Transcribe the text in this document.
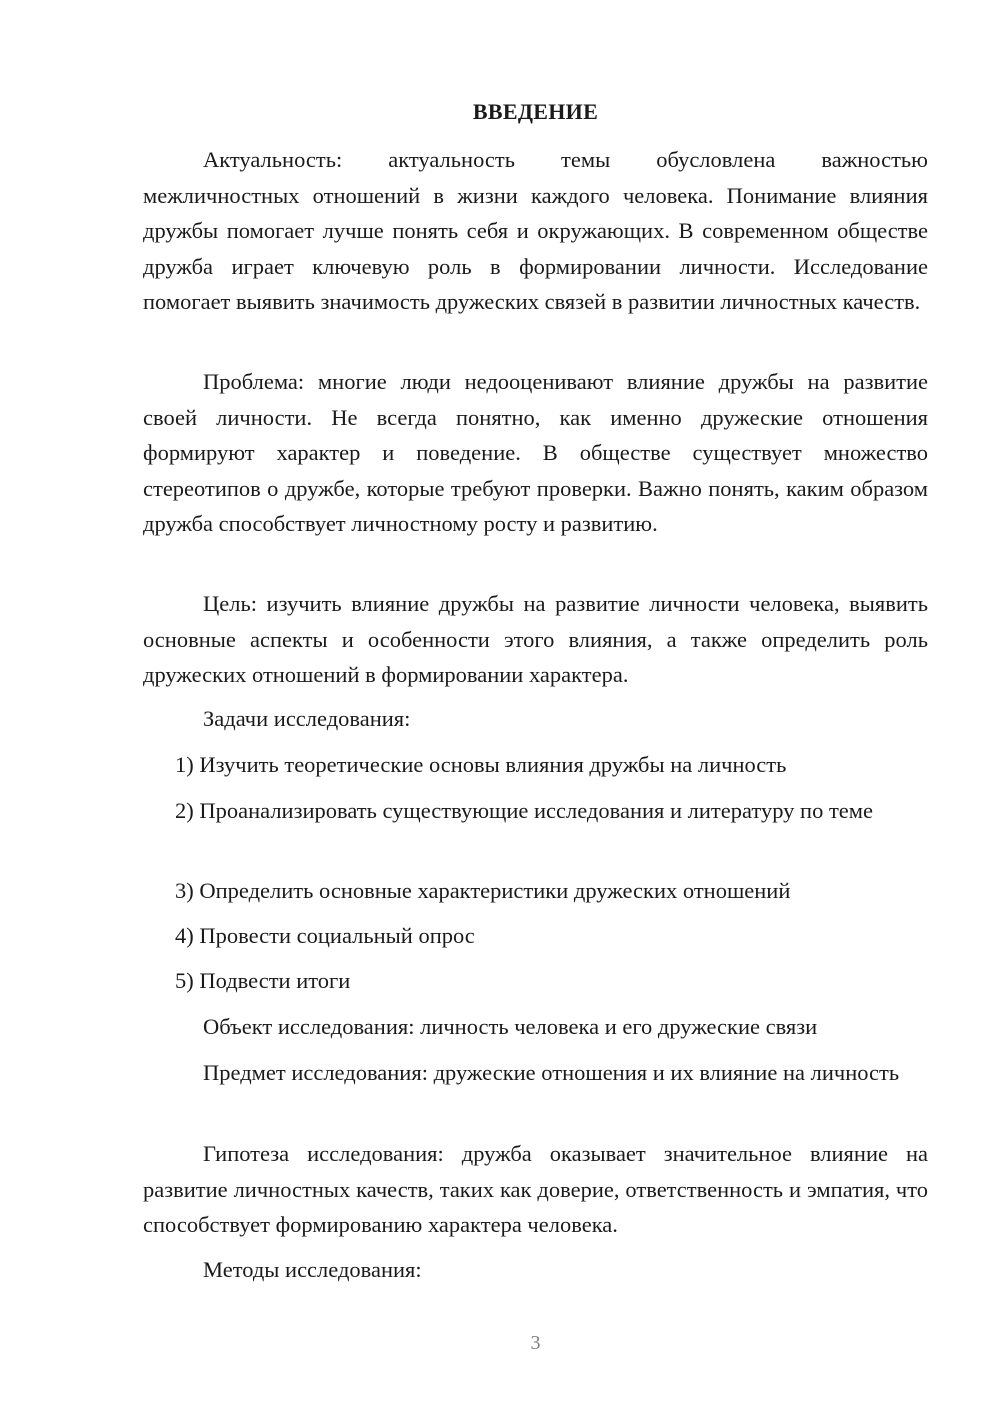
ВВЕДЕНИЕ

Актуальность: актуальность темы обусловлена важностью межличностных отношений в жизни каждого человека. Понимание влияния дружбы помогает лучше понять себя и окружающих. В современном обществе дружба играет ключевую роль в формировании личности. Исследование помогает выявить значимость дружеских связей в развитии личностных качеств.

Проблема: многие люди недооценивают влияние дружбы на развитие своей личности. Не всегда понятно, как именно дружеские отношения формируют характер и поведение. В обществе существует множество стереотипов о дружбе, которые требуют проверки. Важно понять, каким образом дружба способствует личностному росту и развитию.

Цель: изучить влияние дружбы на развитие личности человека, выявить основные аспекты и особенности этого влияния, а также определить роль дружеских отношений в формировании характера.

Задачи исследования:

1) Изучить теоретические основы влияния дружбы на личность

2) Проанализировать существующие исследования и литературу по теме

3) Определить основные характеристики дружеских отношений

4) Провести социальный опрос

5) Подвести итоги

Объект исследования: личность человека и его дружеские связи

Предмет исследования: дружеские отношения и их влияние на личность

Гипотеза исследования: дружба оказывает значительное влияние на развитие личностных качеств, таких как доверие, ответственность и эмпатия, что способствует формированию характера человека.

Методы исследования:

3
